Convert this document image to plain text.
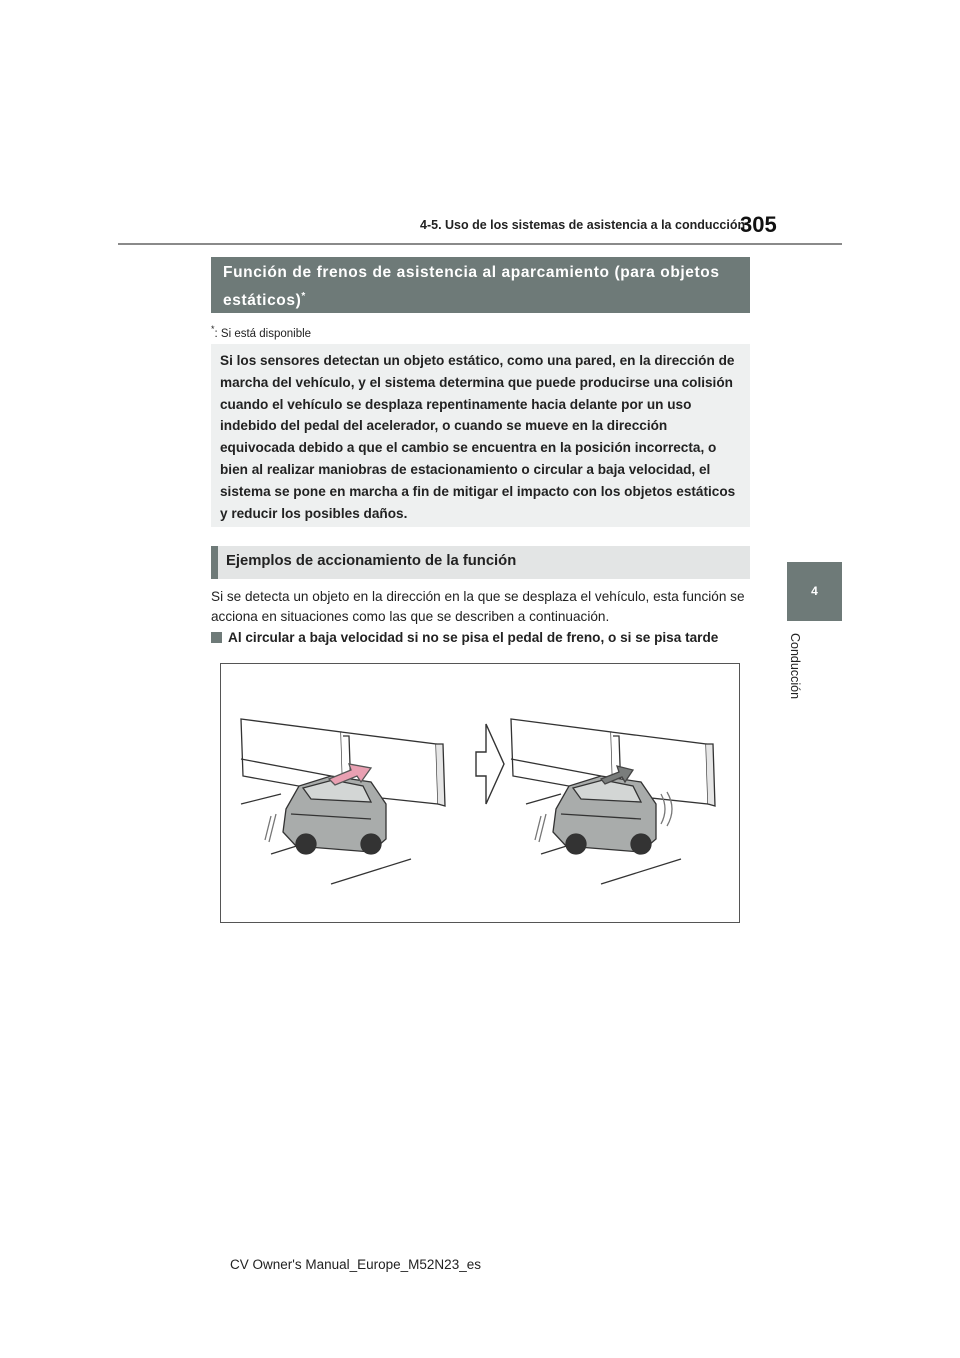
4-5. Uso de los sistemas de asistencia a la conducción
305
4
Conducción
Función de frenos de asistencia al aparcamiento (para objetos estáticos)*
*: Si está disponible
Si los sensores detectan un objeto estático, como una pared, en la dirección de marcha del vehículo, y el sistema determina que puede producirse una colisión cuando el vehículo se desplaza repentinamente hacia delante por un uso indebido del pedal del acelerador, o cuando se mueve en la dirección equivocada debido a que el cambio se encuentra en la posición incorrecta, o bien al realizar maniobras de estacionamiento o circular a baja velocidad, el sistema se pone en marcha a fin de mitigar el impacto con los objetos estáticos y reducir los posibles daños.
Ejemplos de accionamiento de la función
Si se detecta un objeto en la dirección en la que se desplaza el vehículo, esta función se acciona en situaciones como las que se describen a continuación.
Al circular a baja velocidad si no se pisa el pedal de freno, o si se pisa tarde
CV Owner's Manual_Europe_M52N23_es
